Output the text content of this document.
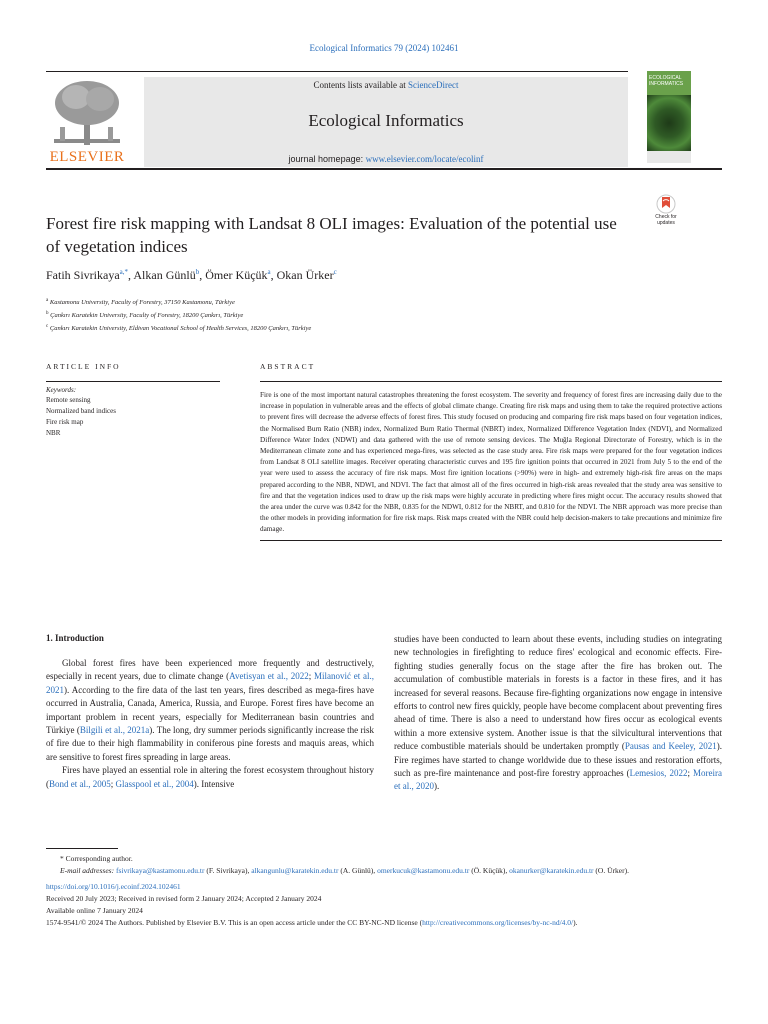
Ecological Informatics 79 (2024) 102461
ELSEVIER
Contents lists available at ScienceDirect
Ecological Informatics
journal homepage: www.elsevier.com/locate/ecolinf
ECOLOGICAL INFORMATICS
Check for updates
Forest fire risk mapping with Landsat 8 OLI images: Evaluation of the potential use of vegetation indices
Fatih Sivrikaya$^{a,*}$, Alkan Günlü$^b$, Ömer Küçük$^a$, Okan Ürker$^c$
$^a$ Kastamonu University, Faculty of Forestry, 37150 Kastamonu, Türkiye
$^b$ Çankırı Karatekin University, Faculty of Forestry, 18200 Çankırı, Türkiye
$^c$ Çankırı Karatekin University, Eldivan Vocational School of Health Services, 18200 Çankırı, Türkiye
ARTICLE INFO
Keywords:
Remote sensing
Normalized band indices
Fire risk map
NBR
ABSTRACT
Fire is one of the most important natural catastrophes threatening the forest ecosystem. The severity and frequency of forest fires are increasing daily due to the increase in population in vulnerable areas and the effects of global climate change. Creating fire risk maps and using them to take the required protective actions to prevent fires will decrease the adverse effects of forest fires. This study focused on producing and comparing fire risk maps based on four vegetation indices, the Normalised Burn Ratio (NBR) index, Normalized Burn Ratio Thermal (NBRT) index, Normalized Difference Vegetation Index (NDVI), and Normalized Difference Water Index (NDWI) and data gathered with the use of remote sensing devices. The Muğla Regional Directorate of Forestry, which is in the Mediterranean climate zone and has experienced mega-fires, was selected as the case study area. Fire risk maps were prepared for the four vegetation indices from Landsat 8 OLI satellite images. Receiver operating characteristic curves and 195 fire ignition points that occurred in 2021 from July 5 to the end of the year were used to assess the accuracy of fire risk maps. Most fire ignition locations (>90%) were in high- and extremely high-risk fire areas on the maps prepared according to the NBR, NDWI, and NDVI. The fact that almost all of the fires occurred in high-risk areas revealed that the study area was sensitive to fire and that the vegetation indices used to draw up the risk maps were highly accurate in predicting where fires might occur. The accuracy results showed that the area under the curve was 0.842 for the NBR, 0.835 for the NDWI, 0.812 for the NBRT, and 0.810 for the NDVI. The NBR approach was more precise than the other models in providing information for fire risk maps. Risk maps created with the NBR could help decision-makers to take precautions and minimize fire damage.
1. Introduction

Global forest fires have been experienced more frequently and destructively, especially in recent years, due to climate change (Avetisyan et al., 2022; Milanović et al., 2021). According to the fire data of the last ten years, fires described as mega-fires have occurred in Australia, Canada, America, Russia, and Europe. Forest fires have become an important problem in recent years, especially for Mediterranean basin countries and Türkiye (Bilgili et al., 2021a). The long, dry summer periods significantly increase the risk of fire due to their high flammability in coniferous pine forests and maquis areas, which are sensitive to forest fires spreading in large areas.

Fires have played an essential role in altering the forest ecosystem throughout history (Bond et al., 2005; Glasspool et al., 2004). Intensive

studies have been conducted to learn about these events, including studies on integrating new technologies in firefighting to reduce fires' ecological and economic effects. Fire-fighting studies generally focus on the stage after the fire has broken out. The accumulation of combustible materials in forests is a factor in these fires, and it has increased for several reasons. Because fire-fighting organizations now engage in intensive efforts to control new fires quickly, people have become complacent about preventing fires ahead of time. There is also a need to understand how fires occur as ecological events within a more extensive system. Another issue is that the silvicultural interventions that reduce combustible materials should be undertaken promptly (Pausas and Keeley, 2021). Fire regimes have started to change worldwide due to these issues and restoration efforts, such as pre-fire maintenance and post-fire forestry approaches (Lemesios, 2022; Moreira et al., 2020).

* Corresponding author.
E-mail addresses: fsivrikaya@kastamonu.edu.tr (F. Sivrikaya), alkangunlu@karatekin.edu.tr (A. Günlü), omerkucuk@kastamonu.edu.tr (Ö. Küçük), okanurker@karatekin.edu.tr (O. Ürker).
https://doi.org/10.1016/j.ecoinf.2024.102461
Received 20 July 2023; Received in revised form 2 January 2024; Accepted 2 January 2024
Available online 7 January 2024
1574-9541/© 2024 The Authors. Published by Elsevier B.V. This is an open access article under the CC BY-NC-ND license (http://creativecommons.org/licenses/by-nc-nd/4.0/).
